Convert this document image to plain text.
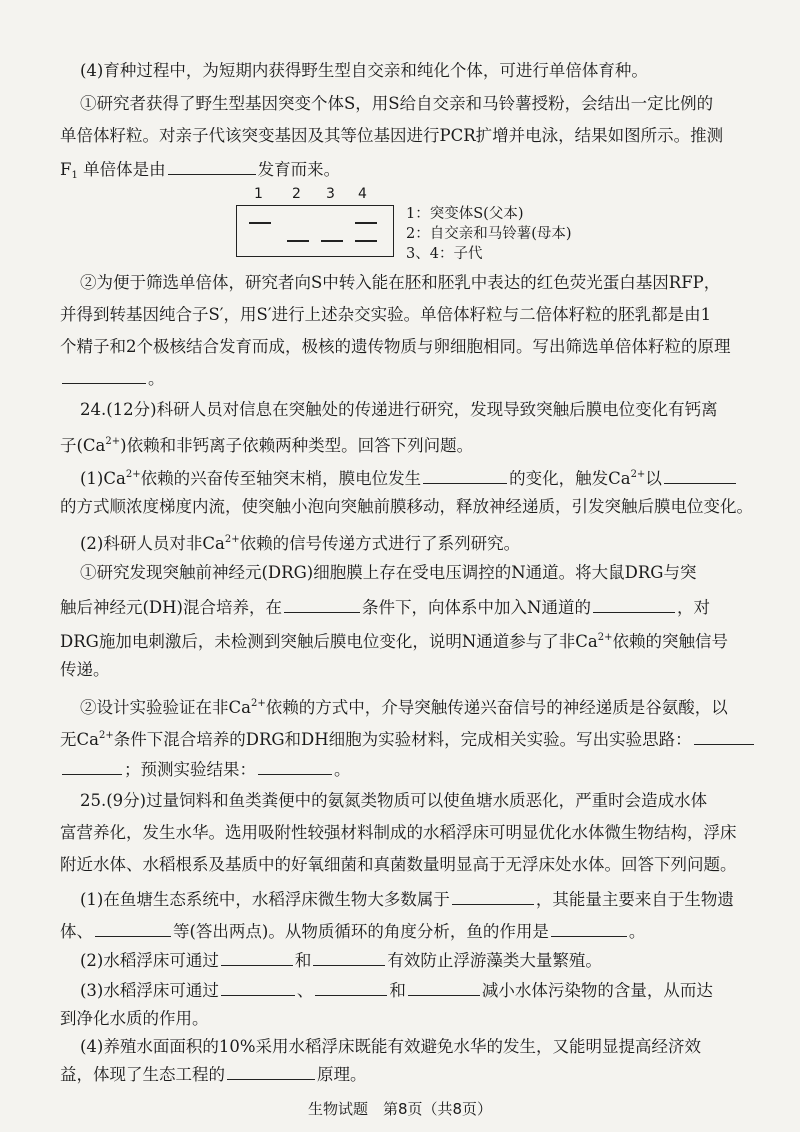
(4)育种过程中，为短期内获得野生型自交亲和纯化个体，可进行单倍体育种。
①研究者获得了野生型基因突变个体S，用S给自交亲和马铃薯授粉，会结出一定比例的
单倍体籽粒。对亲子代该突变基因及其等位基因进行PCR扩增并电泳，结果如图所示。推测
$F_1$ 单倍体是由	发育而来。
1 2 3 4
1：突变体S(父本)
2：自交亲和马铃薯(母本)
3、4：子代
②为便于筛选单倍体，研究者向S中转入能在胚和胚乳中表达的红色荧光蛋白基因RFP，
并得到转基因纯合子S′，用S′进行上述杂交实验。单倍体籽粒与二倍体籽粒的胚乳都是由1
个精子和2个极核结合发育而成，极核的遗传物质与卵细胞相同。写出筛选单倍体籽粒的原理
。
24.(12分)科研人员对信息在突触处的传递进行研究，发现导致突触后膜电位变化有钙离
子$(Ca^{2+})$依赖和非钙离子依赖两种类型。回答下列问题。
$(1)Ca^{2+}$依赖的兴奋传至轴突末梢，膜电位发生	的变化，触发$Ca^{2+}$以
的方式顺浓度梯度内流，使突触小泡向突触前膜移动，释放神经递质，引发突触后膜电位变化。
(2)科研人员对非$Ca^{2+}$依赖的信号传递方式进行了系列研究。
①研究发现突触前神经元(DRG)细胞膜上存在受电压调控的N通道。将大鼠DRG与突
触后神经元(DH)混合培养，在	条件下，向体系中加入N通道的	，对
DRG施加电刺激后，未检测到突触后膜电位变化，说明N通道参与了非$Ca^{2+}$依赖的突触信号
传递。
②设计实验验证在非$Ca^{2+}$依赖的方式中，介导突触传递兴奋信号的神经递质是谷氨酸，以
无$Ca^{2+}$条件下混合培养的DRG和DH细胞为实验材料，完成相关实验。写出实验思路：
；预测实验结果：	。
25.(9分)过量饲料和鱼类粪便中的氨氮类物质可以使鱼塘水质恶化，严重时会造成水体
富营养化，发生水华。选用吸附性较强材料制成的水稻浮床可明显优化水体微生物结构，浮床
附近水体、水稻根系及基质中的好氧细菌和真菌数量明显高于无浮床处水体。回答下列问题。
(1)在鱼塘生态系统中，水稻浮床微生物大多数属于	，其能量主要来自于生物遗
体、	等(答出两点)。从物质循环的角度分析，鱼的作用是	。
(2)水稻浮床可通过	和	有效防止浮游藻类大量繁殖。
(3)水稻浮床可通过	、	和	减小水体污染物的含量，从而达
到净化水质的作用。
(4)养殖水面面积的10%采用水稻浮床既能有效避免水华的发生，又能明显提高经济效
生物试题　第8页（共8页）
益，体现了生态工程的	原理。
